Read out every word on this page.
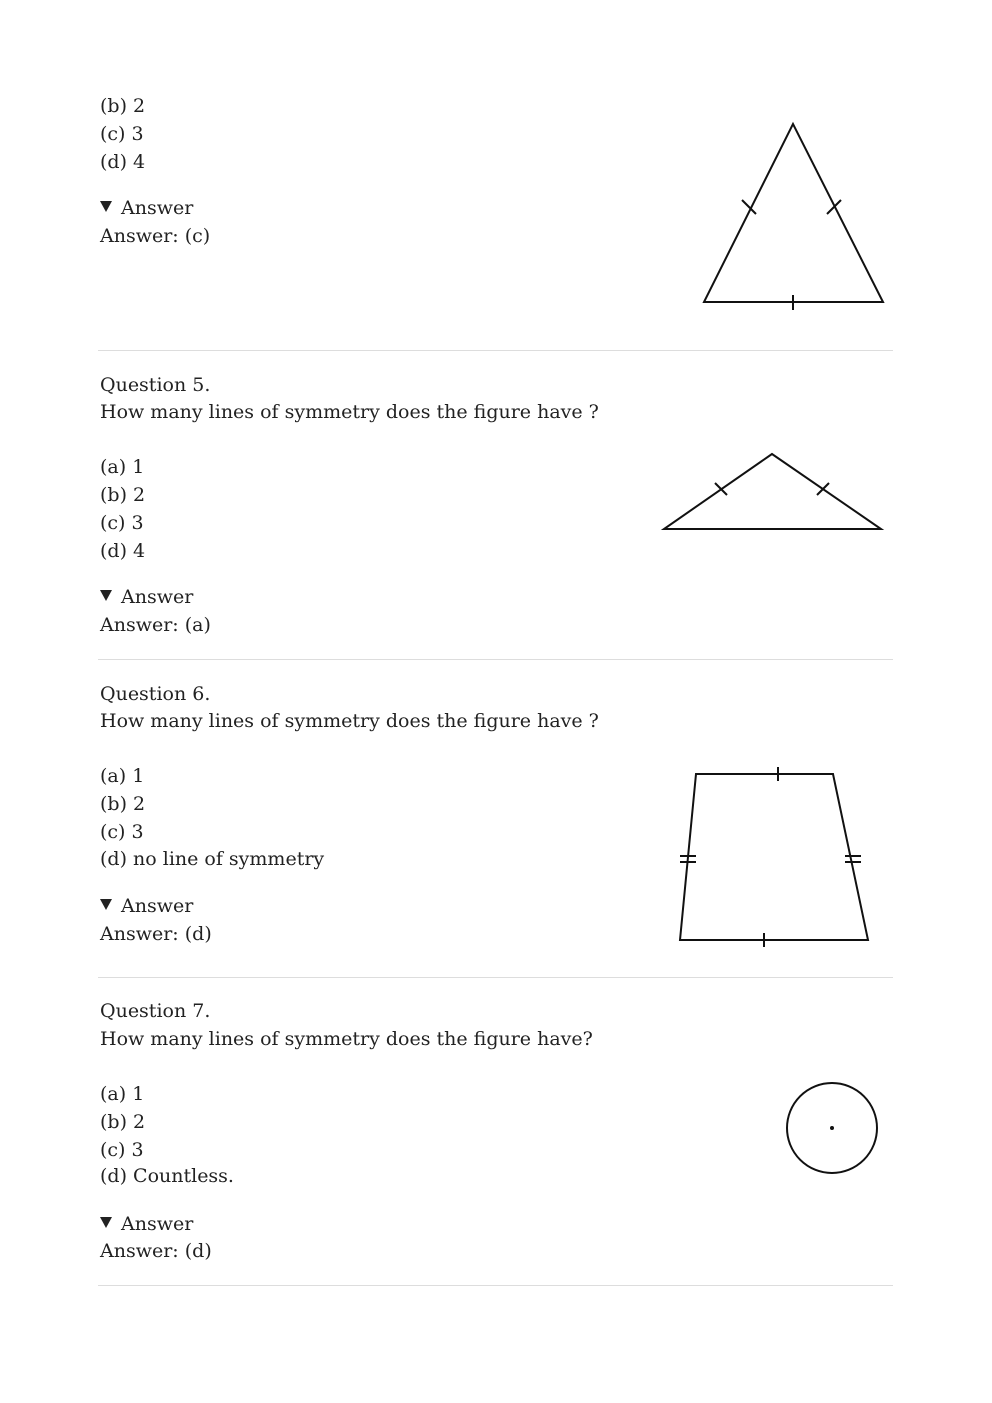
(b) 2
(c) 3
(d) 4
Answer
Answer: (c)
Question 5.
How many lines of symmetry does the figure have ?
(a) 1
(b) 2
(c) 3
(d) 4
Answer
Answer: (a)
Question 6.
How many lines of symmetry does the figure have ?
(a) 1
(b) 2
(c) 3
(d) no line of symmetry
Answer
Answer: (d)
Question 7.
How many lines of symmetry does the figure have?
(a) 1
(b) 2
(c) 3
(d) Countless.
Answer
Answer: (d)
